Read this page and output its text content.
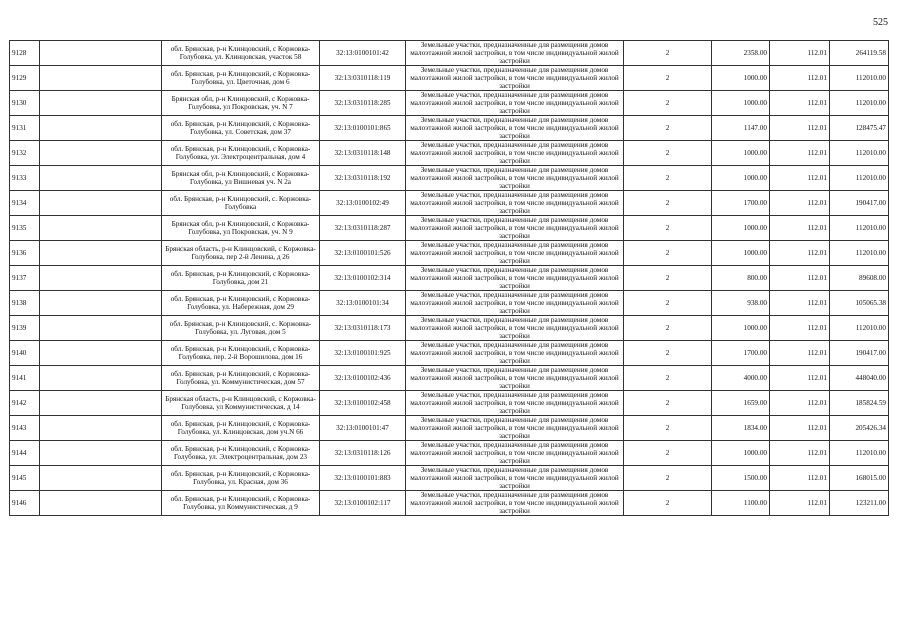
525
9128		обл. Брянская, р-н Клинцовский, с Коржовка-Голубовка, ул. Клинцовская, участок 58	32:13:0100101:42	Земельные участки, предназначенные для размещения домов малоэтажной жилой застройки, в том числе индивидуальной жилой застройки	2	2358.00	112.01	264119.58
9129		обл. Брянская, р-н Клинцовский, с Коржовка-Голубовка, ул. Цветочная, дом 6	32:13:0310118:119	Земельные участки, предназначенные для размещения домов малоэтажной жилой застройки, в том числе индивидуальной жилой застройки	2	1000.00	112.01	112010.00
9130		Брянская обл, р-н Клинцовский, с Коржовка-Голубовка, ул Покровская, уч. N 7	32:13:0310118:285	Земельные участки, предназначенные для размещения домов малоэтажной жилой застройки, в том числе индивидуальной жилой застройки	2	1000.00	112.01	112010.00
9131		обл. Брянская, р-н Клинцовский, с Коржовка-Голубовка, ул. Советская, дом 37	32:13:0100101:865	Земельные участки, предназначенные для размещения домов малоэтажной жилой застройки, в том числе индивидуальной жилой застройки	2	1147.00	112.01	128475.47
9132		обл. Брянская, р-н Клинцовский, с Коржовка-Голубовка, ул. Электроцентральная, дом 4	32:13:0310118:148	Земельные участки, предназначенные для размещения домов малоэтажной жилой застройки, в том числе индивидуальной жилой застройки	2	1000.00	112.01	112010.00
9133		Брянская обл, р-н Клинцовский, с Коржовка-Голубовка, ул Вишневая уч. N 2а	32:13:0310118:192	Земельные участки, предназначенные для размещения домов малоэтажной жилой застройки, в том числе индивидуальной жилой застройки	2	1000.00	112.01	112010.00
9134		обл. Брянская, р-н Клинцовский, с. Коржовка-Голубовка	32:13:0100102:49	Земельные участки, предназначенные для размещения домов малоэтажной жилой застройки, в том числе индивидуальной жилой застройки	2	1700.00	112.01	190417.00
9135		Брянская обл, р-н Клинцовский, с Коржовка-Голубовка, ул Покровская, уч. N 9	32:13:0310118:287	Земельные участки, предназначенные для размещения домов малоэтажной жилой застройки, в том числе индивидуальной жилой застройки	2	1000.00	112.01	112010.00
9136		Брянская область, р-н Клинцовский, с Коржовка-Голубовка, пер 2-й Ленина, д 26	32:13:0100101:526	Земельные участки, предназначенные для размещения домов малоэтажной жилой застройки, в том числе индивидуальной жилой застройки	2	1000.00	112.01	112010.00
9137		обл. Брянская, р-н Клинцовский, с Коржовка-Голубовка, дом 21	32:13:0100102:314	Земельные участки, предназначенные для размещения домов малоэтажной жилой застройки, в том числе индивидуальной жилой застройки	2	800.00	112.01	89608.00
9138		обл. Брянская, р-н Клинцовский, с Коржовка-Голубовка, ул. Набережная, дом 29	32:13:0100101:34	Земельные участки, предназначенные для размещения домов малоэтажной жилой застройки, в том числе индивидуальной жилой застройки	2	938.00	112.01	105065.38
9139		обл. Брянская, р-н Клинцовский, с. Коржовка-Голубовка, ул. Луговая, дом 5	32:13:0310118:173	Земельные участки, предназначенные для размещения домов малоэтажной жилой застройки, в том числе индивидуальной жилой застройки	2	1000.00	112.01	112010.00
9140		обл. Брянская, р-н Клинцовский, с Коржовка-Голубовка, пер. 2-й Ворошилова, дом 16	32:13:0100101:925	Земельные участки, предназначенные для размещения домов малоэтажной жилой застройки, в том числе индивидуальной жилой застройки	2	1700.00	112.01	190417.00
9141		обл. Брянская, р-н Клинцовский, с Коржовка-Голубовка, ул. Коммунистическая, дом 57	32:13:0100102:436	Земельные участки, предназначенные для размещения домов малоэтажной жилой застройки, в том числе индивидуальной жилой застройки	2	4000.00	112.01	448040.00
9142		Брянская область, р-н Клинцовский, с Коржовка-Голубовка, ул Коммунистическая, д 14	32:13:0100102:458	Земельные участки, предназначенные для размещения домов малоэтажной жилой застройки, в том числе индивидуальной жилой застройки	2	1659.00	112.01	185824.59
9143		обл. Брянская, р-н Клинцовский, с Коржовка-Голубовка, ул. Клинцовская, дом уч.N 66	32:13:0100101:47	Земельные участки, предназначенные для размещения домов малоэтажной жилой застройки, в том числе индивидуальной жилой застройки	2	1834.00	112.01	205426.34
9144		обл. Брянская, р-н Клинцовский, с Коржовка-Голубовка, ул. Электроцентральная, дом 23	32:13:0310118:126	Земельные участки, предназначенные для размещения домов малоэтажной жилой застройки, в том числе индивидуальной жилой застройки	2	1000.00	112.01	112010.00
9145		обл. Брянская, р-н Клинцовский, с Коржовка-Голубовка, ул. Красная, дом 36	32:13:0100101:883	Земельные участки, предназначенные для размещения домов малоэтажной жилой застройки, в том числе индивидуальной жилой застройки	2	1500.00	112.01	168015.00
9146		обл. Брянская, р-н Клинцовский, с Коржовка-Голубовка, ул Коммунистическая, д 9	32:13:0100102:117	Земельные участки, предназначенные для размещения домов малоэтажной жилой застройки, в том числе индивидуальной жилой застройки	2	1100.00	112.01	123211.00
